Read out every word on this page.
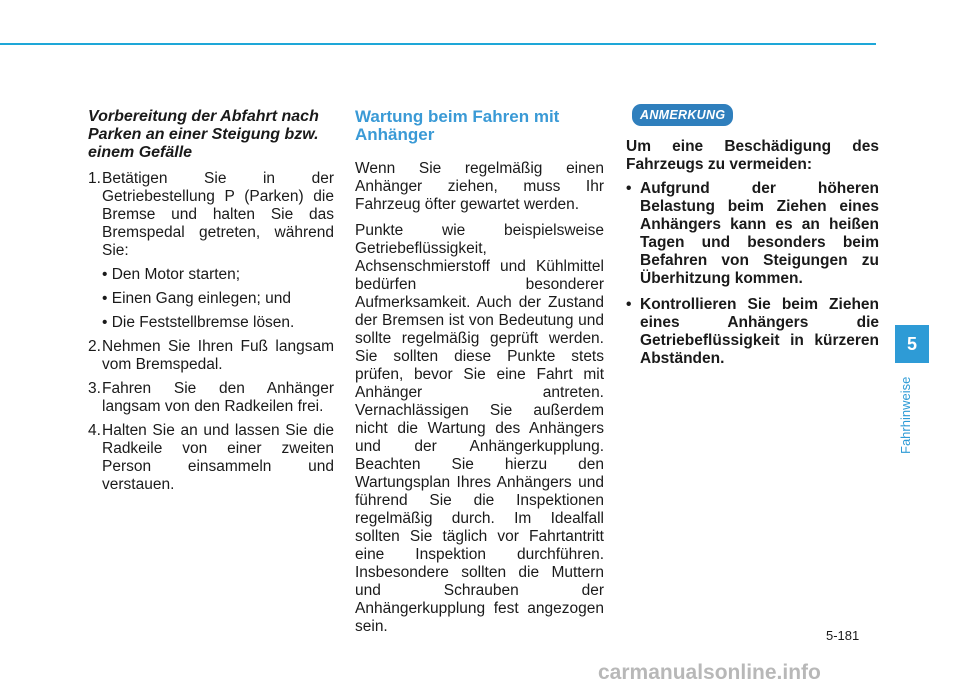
Vorbereitung der Abfahrt nach Parken an einer Steigung bzw. einem Gefälle
1. Betätigen Sie in der Getriebestellung P (Parken) die Bremse und halten Sie das Bremspedal getreten, während Sie:
• Den Motor starten;
• Einen Gang einlegen; und
• Die Feststellbremse lösen.
2. Nehmen Sie Ihren Fuß langsam vom Bremspedal.
3. Fahren Sie den Anhänger langsam von den Radkeilen frei.
4. Halten Sie an und lassen Sie die Radkeile von einer zweiten Person einsammeln und verstauen.
Wartung beim Fahren mit Anhänger

Wenn Sie regelmäßig einen Anhänger ziehen, muss Ihr Fahrzeug öfter gewartet werden.

Punkte wie beispielsweise Getriebeflüssigkeit, Achsenschmierstoff und Kühlmittel bedürfen besonderer Aufmerksamkeit. Auch der Zustand der Bremsen ist von Bedeutung und sollte regelmäßig geprüft werden. Sie sollten diese Punkte stets prüfen, bevor Sie eine Fahrt mit Anhänger antreten. Vernachlässigen Sie außerdem nicht die Wartung des Anhängers und der Anhängerkupplung. Beachten Sie hierzu den Wartungsplan Ihres Anhängers und führend Sie die Inspektionen regelmäßig durch. Im Idealfall sollten Sie täglich vor Fahrtantritt eine Inspektion durchführen. Insbesondere sollten die Muttern und Schrauben der Anhängerkupplung fest angezogen sein.

ANMERKUNG
Um eine Beschädigung des Fahrzeugs zu vermeiden:
• Aufgrund der höheren Belastung beim Ziehen eines Anhängers kann es an heißen Tagen und besonders beim Befahren von Steigungen zu Überhitzung kommen.
• Kontrollieren Sie beim Ziehen eines Anhängers die Getriebeflüssigkeit in kürzeren Abständen.
5
Fahrhinweise
5-181
carmanualsonline.info
